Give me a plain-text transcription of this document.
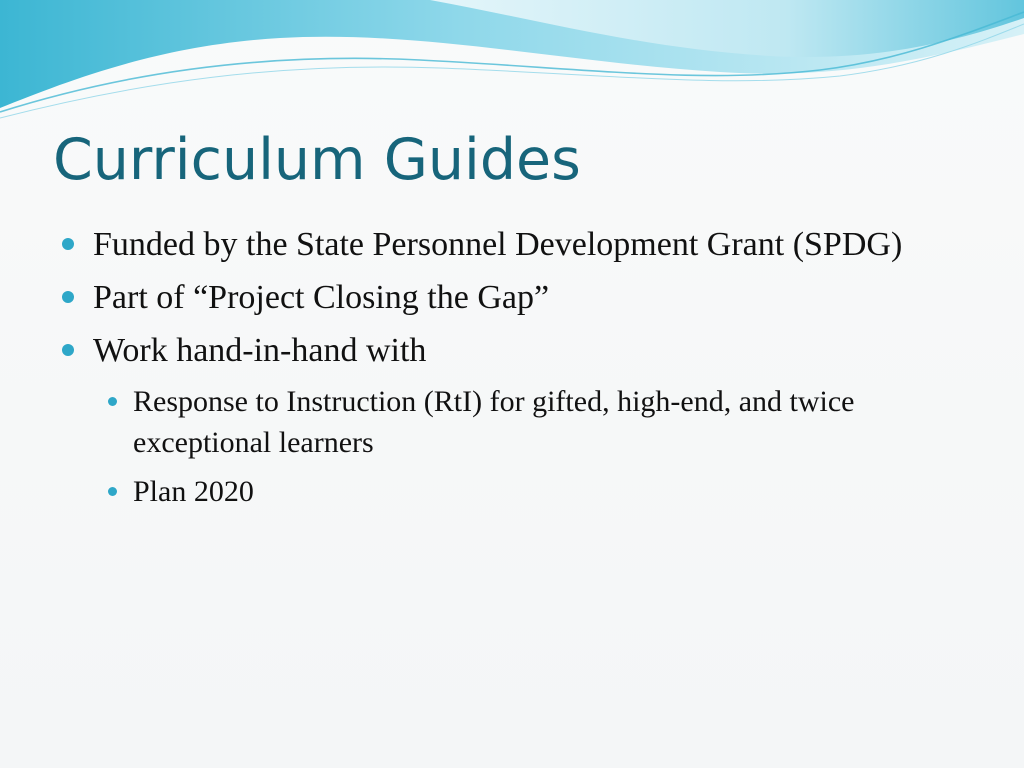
Curriculum Guides
Funded by the State Personnel Development Grant (SPDG)
Part of “Project Closing the Gap”
Work hand-in-hand with
Response to Instruction (RtI) for gifted, high-end, and twice exceptional learners
Plan 2020
